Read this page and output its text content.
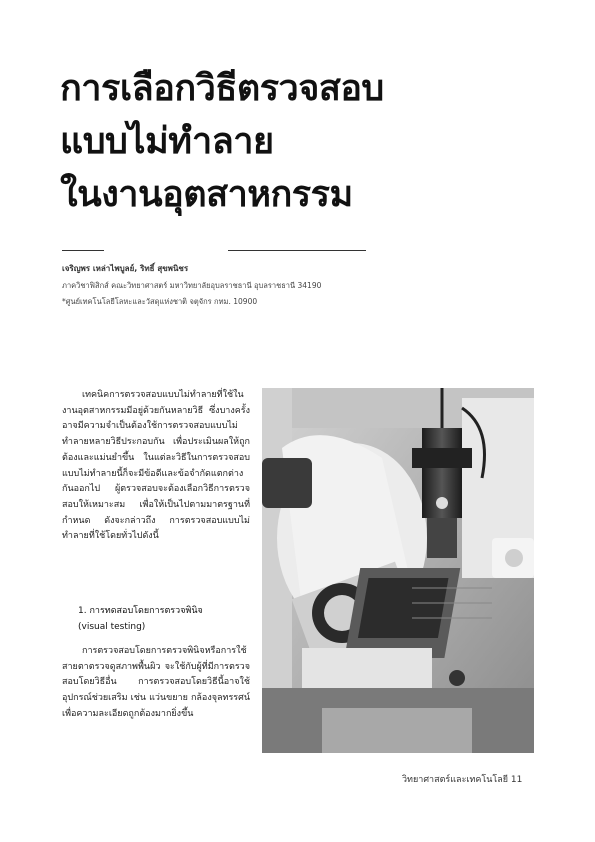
การเลือกวิธีตรวจสอบ
แบบไม่ทำลาย
ในงานอุตสาหกรรม
เจริญพร เหล่าไพบูลย์, ริทธิ์ สุขพนิชร
ภาควิชาฟิสิกส์ คณะวิทยาศาสตร์ มหาวิทยาลัยอุบลราชธานี อุบลราชธานี 34190
*ศูนย์เทคโนโลยีโลหะและวัสดุแห่งชาติ จตุจักร กทม. 10900

เทคนิคการตรวจสอบแบบไม่ทำลายที่ใช้ในงานอุตสาหกรรมมีอยู่ด้วยกันหลายวิธี ซึ่งบางครั้งอาจมีความจำเป็นต้องใช้การตรวจสอบแบบไม่ทำลายหลายวิธีประกอบกัน เพื่อประเมินผลให้ถูกต้องและแม่นยำขึ้น ในแต่ละวิธีในการตรวจสอบแบบไม่ทำลายนี้ก็จะมีข้อดีและข้อจำกัดแตกต่างกันออกไป ผู้ตรวจสอบจะต้องเลือกวิธีการตรวจสอบให้เหมาะสม เพื่อให้เป็นไปตามมาตรฐานที่กำหนด ดังจะกล่าวถึง การตรวจสอบแบบไม่ทำลายที่ใช้โดยทั่วไปดังนี้

1. การทดสอบโดยการตรวจพินิจ
(visual testing)

การตรวจสอบโดยการตรวจพินิจหรือการใช้สายตาตรวจดูสภาพพื้นผิว จะใช้กับผู้ที่มีการตรวจสอบโดยวิธีอื่น การตรวจสอบโดยวิธีนี้อาจใช้อุปกรณ์ช่วยเสริม เช่น แว่นขยาย กล้องจุลทรรศน์ เพื่อความละเอียดถูกต้องมากยิ่งขึ้น

วิทยาศาสตร์และเทคโนโลยี 11
